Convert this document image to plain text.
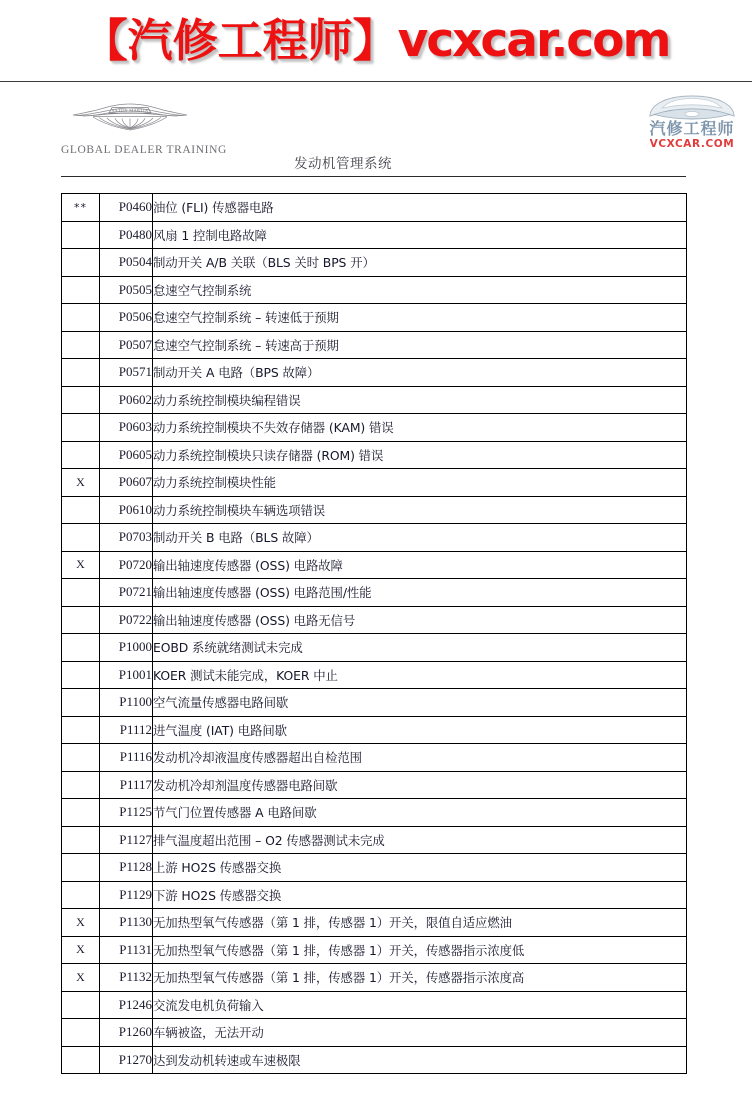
【汽修工程师】 vcxcar.com
ASTON MARTIN
GLOBAL DEALER TRAINING
汽修工程师
VCXCAR.COM
发动机管理系统
**	P0460	油位 (FLI) 传感器电路
	P0480	风扇 1 控制电路故障
	P0504	制动开关 A/B 关联（BLS 关时 BPS 开）
	P0505	怠速空气控制系统
	P0506	怠速空气控制系统 – 转速低于预期
	P0507	怠速空气控制系统 – 转速高于预期
	P0571	制动开关 A 电路（BPS 故障）
	P0602	动力系统控制模块编程错误
	P0603	动力系统控制模块不失效存储器 (KAM) 错误
	P0605	动力系统控制模块只读存储器 (ROM) 错误
X	P0607	动力系统控制模块性能
	P0610	动力系统控制模块车辆选项错误
	P0703	制动开关 B 电路（BLS 故障）
X	P0720	输出轴速度传感器 (OSS) 电路故障
	P0721	输出轴速度传感器 (OSS) 电路范围/性能
	P0722	输出轴速度传感器 (OSS) 电路无信号
	P1000	EOBD 系统就绪测试未完成
	P1001	KOER 测试未能完成，KOER 中止
	P1100	空气流量传感器电路间歇
	P1112	进气温度 (IAT) 电路间歇
	P1116	发动机冷却液温度传感器超出自检范围
	P1117	发动机冷却剂温度传感器电路间歇
	P1125	节气门位置传感器 A 电路间歇
	P1127	排气温度超出范围 – O2 传感器测试未完成
	P1128	上游 HO2S 传感器交换
	P1129	下游 HO2S 传感器交换
X	P1130	无加热型氧气传感器（第 1 排，传感器 1）开关，限值自适应燃油
X	P1131	无加热型氧气传感器（第 1 排，传感器 1）开关，传感器指示浓度低
X	P1132	无加热型氧气传感器（第 1 排，传感器 1）开关，传感器指示浓度高
	P1246	交流发电机负荷输入
	P1260	车辆被盗，无法开动
	P1270	达到发动机转速或车速极限
